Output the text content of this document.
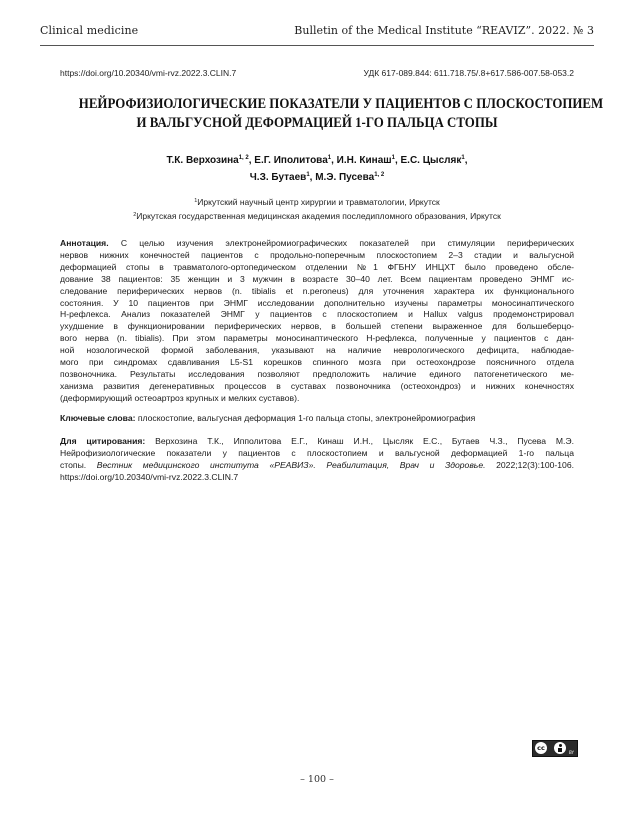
Clinical medicine	Bulletin of the Medical Institute “REAVIZ”. 2022. № 3
https://doi.org/10.20340/vmi-rvz.2022.3.CLIN.7	УДК 617-089.844: 611.718.75/.8+617.586-007.58-053.2
НЕЙРОФИЗИОЛОГИЧЕСКИЕ ПОКАЗАТЕЛИ У ПАЦИЕНТОВ С ПЛОСКОСТОПИЕМ
И ВАЛЬГУСНОЙ ДЕФОРМАЦИЕЙ 1-ГО ПАЛЬЦА СТОПЫ
Т.К. Верхозина$^{1, 2}$, Е.Г. Иполитова$^1$, И.Н. Кинаш$^1$, Е.С. Цысляк$^1$,
Ч.З. Бутаев$^1$, М.Э. Пусева$^{1, 2}$
$^1$Иркутский научный центр хирургии и травматологии, Иркутск
$^2$Иркутская государственная медицинская академия последипломного образования, Иркутск
Аннотация. С целью изучения электронейромиографических показателей при стимуляции периферических
нервов нижних конечностей пациентов с продольно-поперечным плоскостопием 2–3 стадии и вальгусной
деформацией стопы в травматолого-ортопедическом отделении №1 ФГБНУ ИНЦХТ было проведено обсле-
дование 38 пациентов: 35 женщин и 3 мужчин в возрасте 30–40 лет. Всем пациентам проведено ЭНМГ ис-
следование периферических нервов (n. tibialis et n.peroneus) для уточнения характера их функционального
состояния. У 10 пациентов при ЭНМГ исследовании дополнительно изучены параметры моносинаптического
Н-рефлекса. Анализ показателей ЭНМГ у пациентов с плоскостопием и Hallux valgus продемонстрировал
ухудшение в функционировании периферических нервов, в большей степени выраженное для большеберцо-
вого нерва (n. tibialis). При этом параметры моносинаптического Н-рефлекса, полученные у пациентов с дан-
ной нозологической формой заболевания, указывают на наличие неврологического дефицита, наблюдае-
мого при синдромах сдавливания L5-S1 корешков спинного мозга при остеохондрозе поясничного отдела
позвоночника. Результаты исследования позволяют предположить наличие единого патогенетического ме-
ханизма развития дегенеративных процессов в суставах позвоночника (остеохондроз) и нижних конечностях
(деформирующий остеоартроз крупных и мелких суставов).
Ключевые слова: плоскостопие, вальгусная деформация 1-го пальца стопы, электронейромиография
Для цитирования: Верхозина Т.К., Ипполитова Е.Г., Кинаш И.Н., Цысляк Е.С., Бутаев Ч.З., Пусева М.Э.
Нейрофизиологические показатели у пациентов с плоскостопием и вальгусной деформацией 1-го пальца
стопы. Вестник медицинского института «РЕАВИЗ». Реабилитация, Врач и Здоровье. 2022;12(3):100-106.
https://doi.org/10.20340/vmi-rvz.2022.3.CLIN.7
cc
BY
– 100 –
